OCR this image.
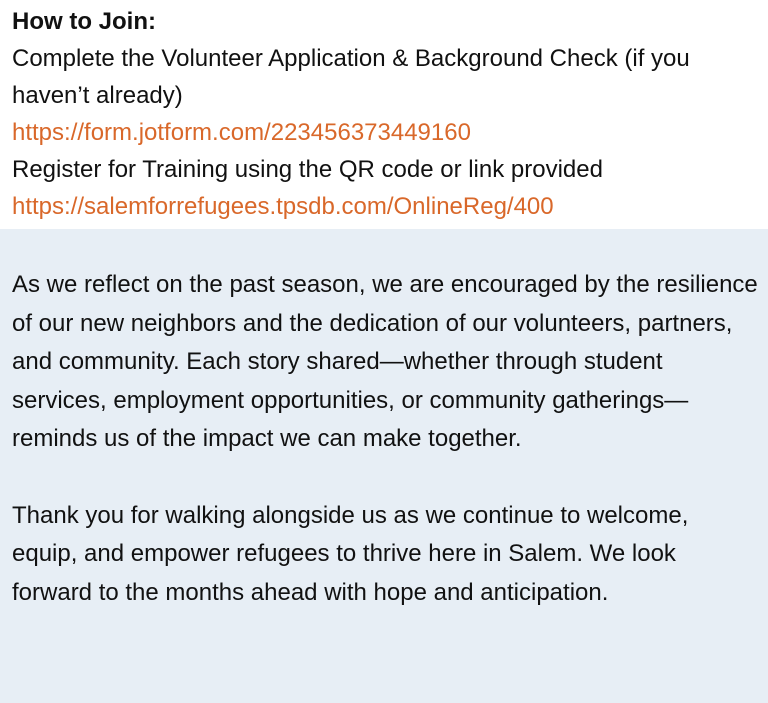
How to Join:

Complete the Volunteer Application & Background Check (if you haven’t already)

https://form.jotform.com/223456373449160

Register for Training using the QR code or link provided

https://salemforrefugees.tpsdb.com/OnlineReg/400

As we reflect on the past season, we are encouraged by the resilience of our new neighbors and the dedication of our volunteers, partners, and community. Each story shared—whether through student services, employment opportunities, or community gatherings—reminds us of the impact we can make together.

Thank you for walking alongside us as we continue to welcome, equip, and empower refugees to thrive here in Salem. We look forward to the months ahead with hope and anticipation.
